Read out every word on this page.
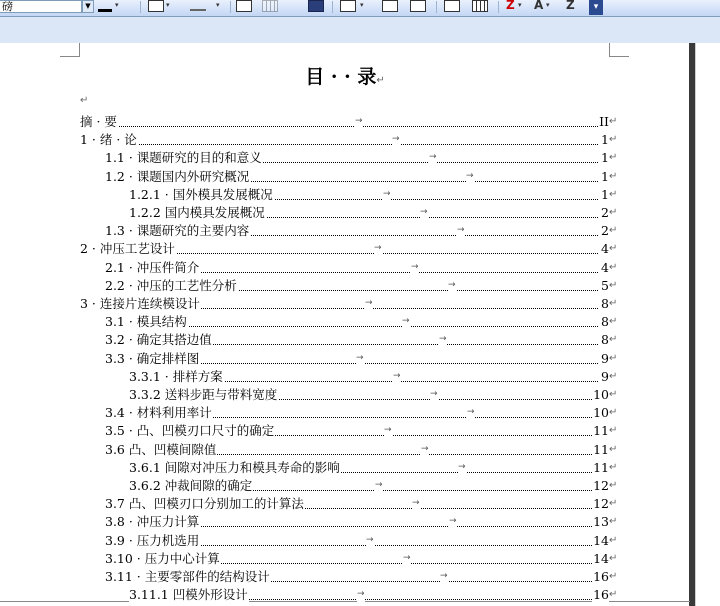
磅	▼	▾	▾	▾	▾	Z ▾ A ▾ Z	▾
目 · · 录↵
↵
摘 · 要	→	II ↵
1 · 绪 · 论	→	1 ↵
1.1 · 课题研究的目的和意义	→	1 ↵
1.2 · 课题国内外研究概况	→	1 ↵
1.2.1 · 国外模具发展概况	→	1 ↵
1.2.2 国内模具发展概况	→	2 ↵
1.3 · 课题研究的主要内容	→	2 ↵
2 · 冲压工艺设计	→	4 ↵
2.1 · 冲压件简介	→	4 ↵
2.2 · 冲压的工艺性分析	→	5 ↵
3 · 连接片连续模设计	→	8 ↵
3.1 · 模具结构	→	8 ↵
3.2 · 确定其搭边值	→	8 ↵
3.3 · 确定排样图	→	9 ↵
3.3.1 · 排样方案	→	9 ↵
3.3.2 送料步距与带料宽度	→	10 ↵
3.4 · 材料利用率计	→	10 ↵
3.5 · 凸、凹模刃口尺寸的确定	→	11 ↵
3.6 凸、凹模间隙值	→	11 ↵
3.6.1 间隙对冲压力和模具寿命的影响	→	11 ↵
3.6.2 冲裁间隙的确定	→	12 ↵
3.7 凸、凹模刃口分别加工的计算法	→	12 ↵
3.8 · 冲压力计算	→	13 ↵
3.9 · 压力机选用	→	14 ↵
3.10 · 压力中心计算	→	14 ↵
3.11 · 主要零部件的结构设计	→	16 ↵
3.11.1 凹模外形设计	→	16 ↵
